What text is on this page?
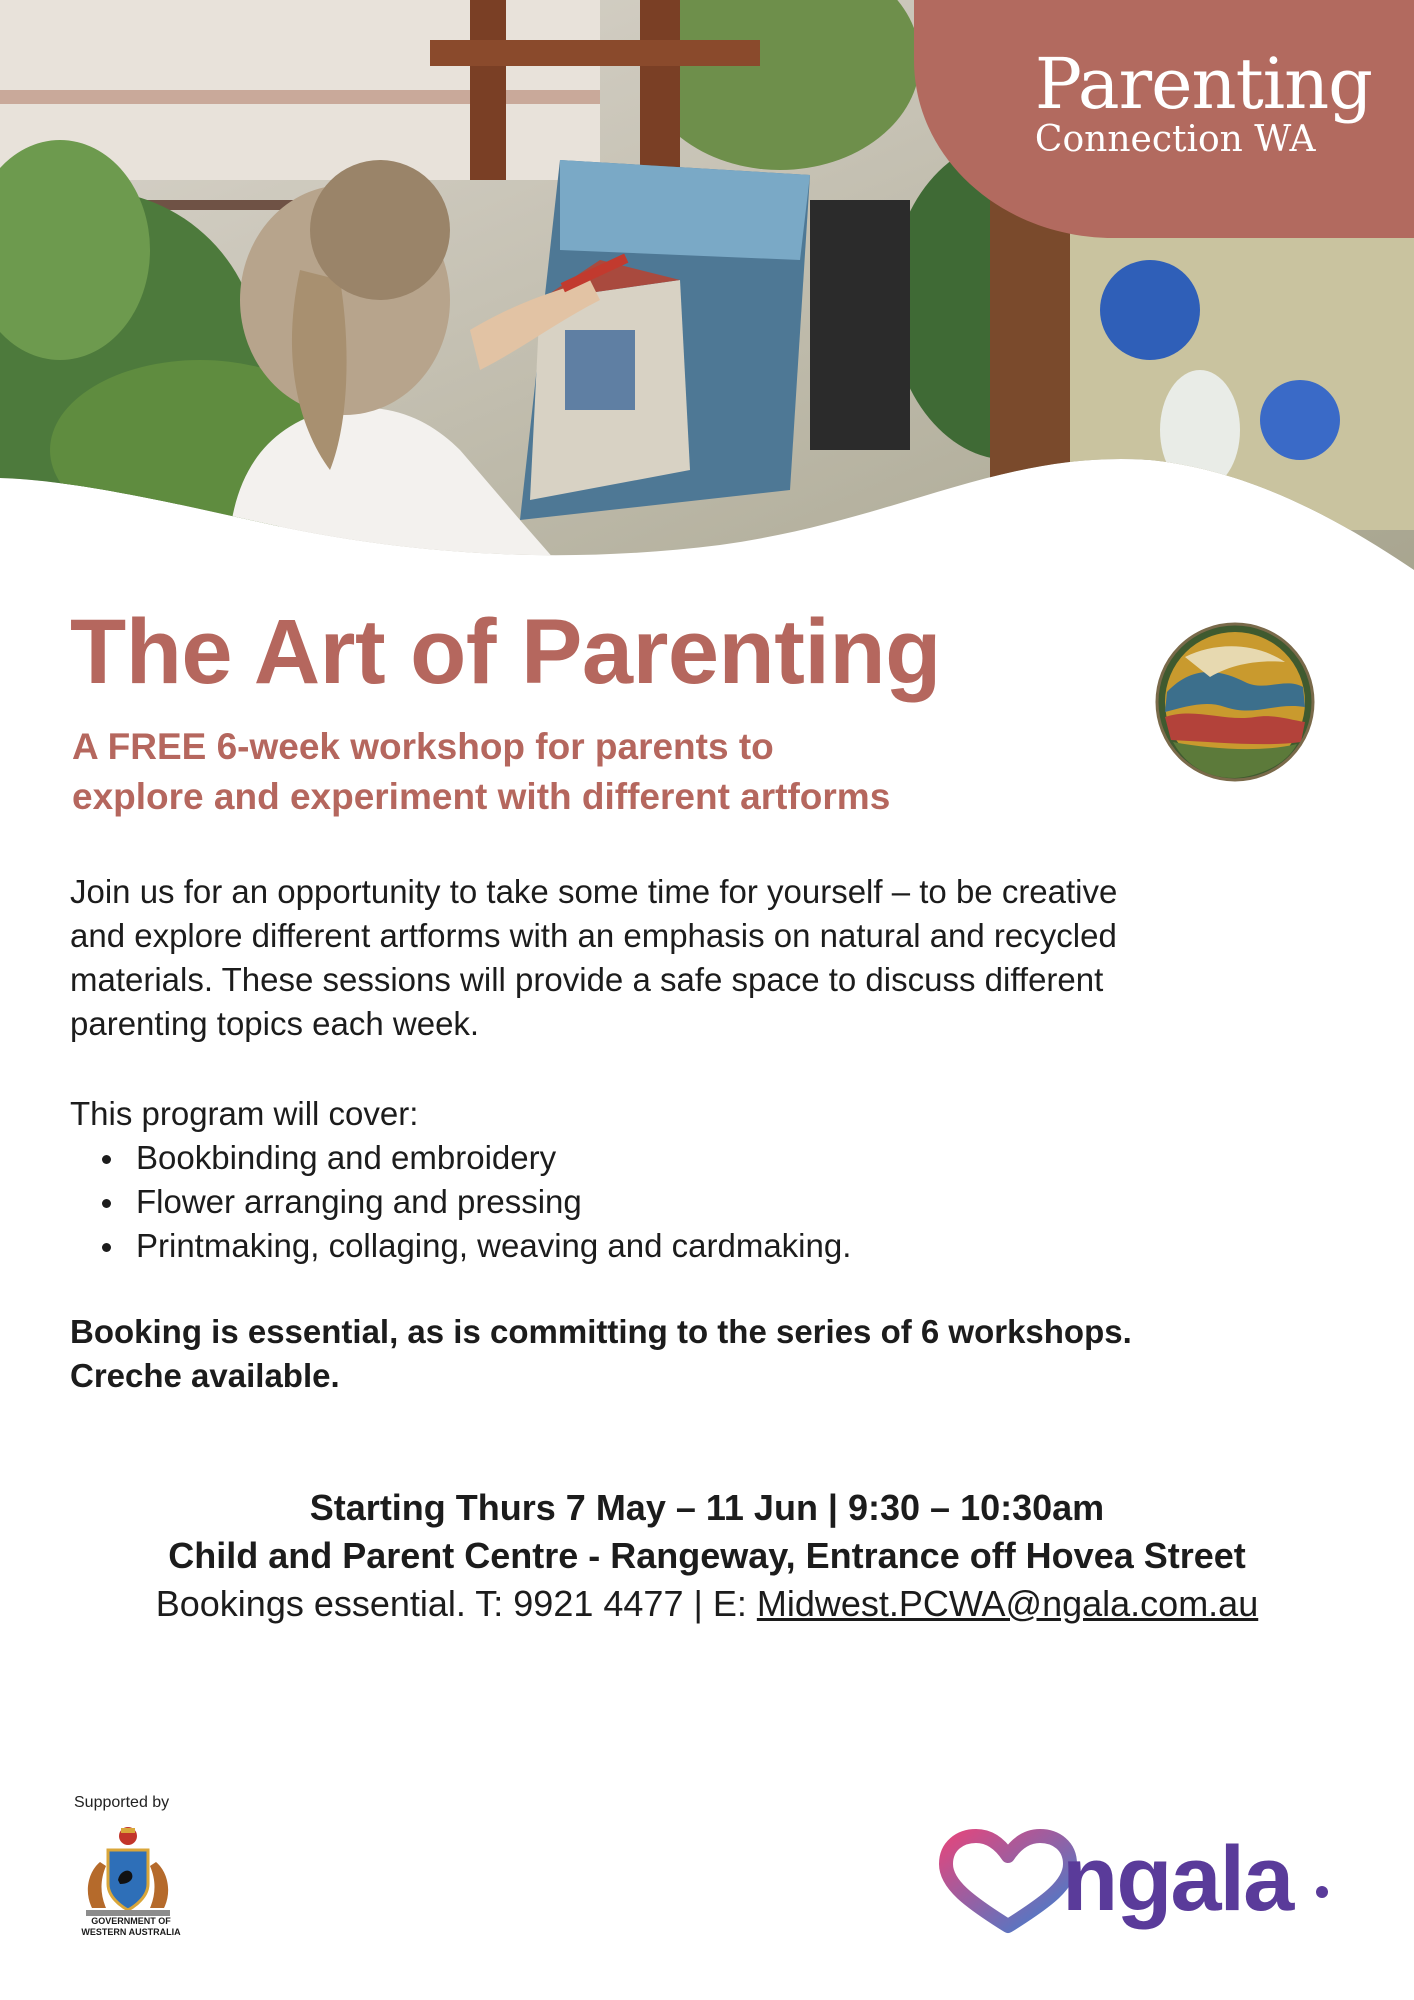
Parenting
Connection WA
The Art of Parenting
A FREE 6-week workshop for parents to
explore and experiment with different artforms
Join us for an opportunity to take some time for yourself – to be creative
and explore different artforms with an emphasis on natural and recycled
materials. These sessions will provide a safe space to discuss different
parenting topics each week.
This program will cover:
Bookbinding and embroidery
Flower arranging and pressing
Printmaking, collaging, weaving and cardmaking.
Booking is essential, as is committing to the series of 6 workshops.
Creche available.
Starting Thurs 7 May – 11 Jun | 9:30 – 10:30am
Child and Parent Centre - Rangeway, Entrance off Hovea Street
Bookings essential. T: 9921 4477 | E: Midwest.PCWA@ngala.com.au
Supported by
GOVERNMENT OF
WESTERN AUSTRALIA
ngala
